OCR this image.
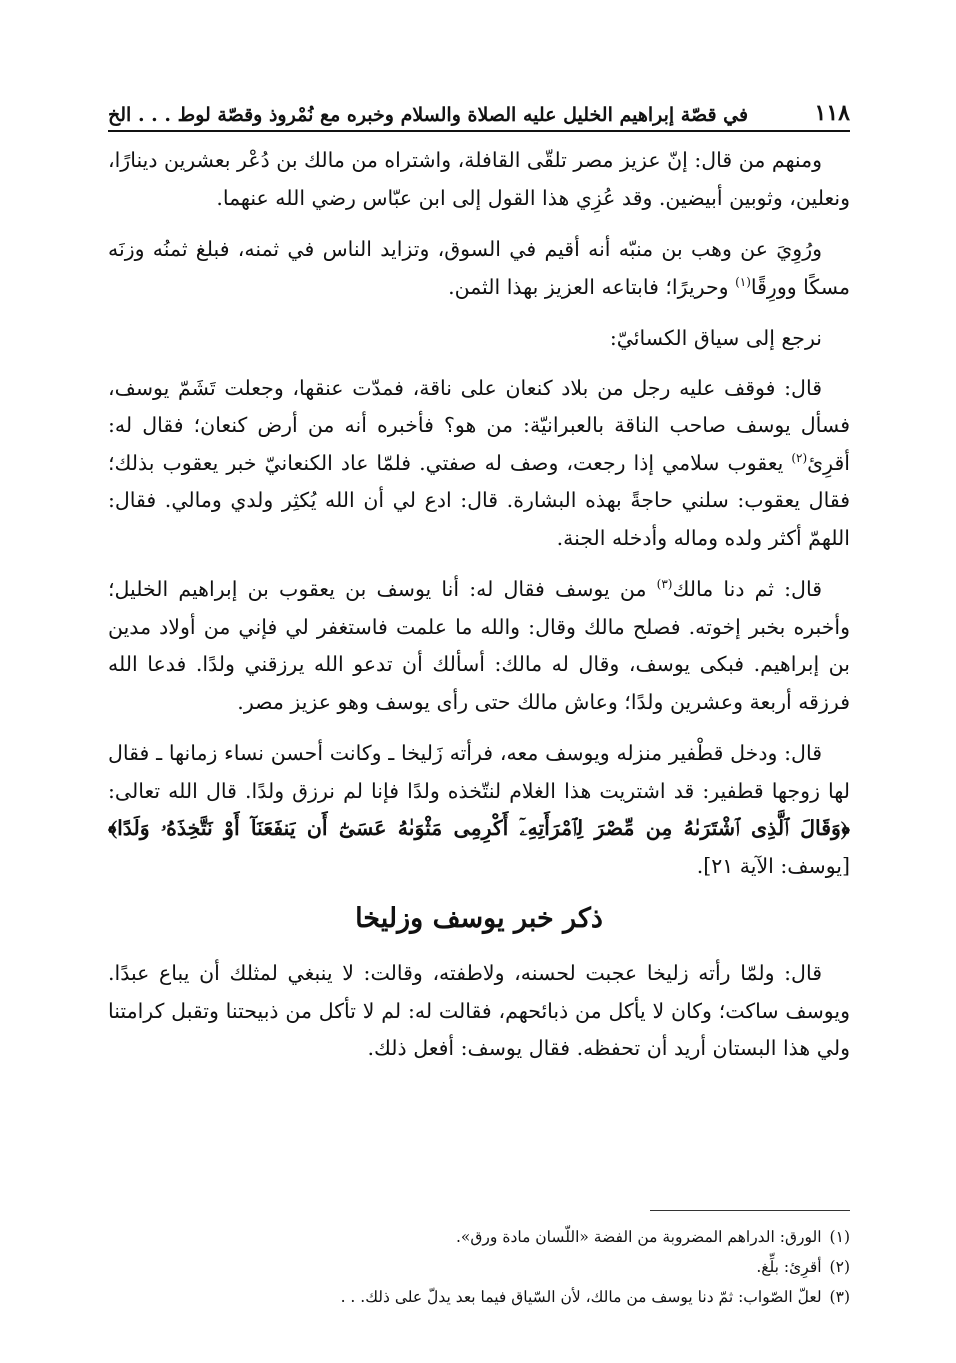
١١٨
في قصّة إبراهيم الخليل عليه الصلاة والسلام وخبره مع نُمْروذ وقصّة لوط . . . الخ

ومنهم من قال: إنّ عزيز مصر تلقّى القافلة، واشتراه من مالك بن دُعْر بعشرين دينارًا، ونعلين، وثوبين أبيضين. وقد عُزِي هذا القول إلى ابن عبّاس رضي الله عنهما.

ورُوِيَ عن وهب بن منبّه أنه أقيم في السوق، وتزايد الناس في ثمنه، فبلغ ثمنُه وزنَه مسكًا وورِقًا$^{(١)}$ وحريرًا؛ فابتاعه العزيز بهذا الثمن.

نرجع إلى سياق الكسائيّ:

قال: فوقف عليه رجل من بلاد كنعان على ناقة، فمدّت عنقها، وجعلت تَشَمّ يوسف، فسأل يوسف صاحب الناقة بالعبرانيّة: من هو؟ فأخبره أنه من أرض كنعان؛ فقال له: أقرِئ$^{(٢)}$ يعقوب سلامي إذا رجعت، وصف له صفتي. فلمّا عاد الكنعانيّ خبر يعقوب بذلك؛ فقال يعقوب: سلني حاجةً بهذه البشارة. قال: ادع لي أن الله يُكثِر ولدي ومالي. فقال: اللهمّ أكثر ولده وماله وأدخله الجنة.

قال: ثم دنا مالك$^{(٣)}$ من يوسف فقال له: أنا يوسف بن يعقوب بن إبراهيم الخليل؛ وأخبره بخبر إخوته. فصلح مالك وقال: والله ما علمت فاستغفر لي فإني من أولاد مدين بن إبراهيم. فبكى يوسف، وقال له مالك: أسألك أن تدعو الله يرزقني ولدًا. فدعا الله فرزقه أربعة وعشرين ولدًا؛ وعاش مالك حتى رأى يوسف وهو عزيز مصر.

قال: ودخل قطْفير منزله ويوسف معه، فرأته زَليخا ـ وكانت أحسن نساء زمانها ـ فقال لها زوجها قطفير: قد اشتريت هذا الغلام لنتّخذه ولدًا فإنا لم نرزق ولدًا. قال الله تعالى: ﴿وَقَالَ ٱلَّذِى ٱشْتَرَىٰهُ مِن مِّصْرَ لِٱمْرَأَتِهِۦٓ أَكْرِمِى مَثْوَىٰهُ عَسَىٰٓ أَن يَنفَعَنَآ أَوْ نَتَّخِذَهُۥ وَلَدًا﴾ [يوسف: الآية ٢١].

ذكر خبر يوسف وزليخا

قال: ولمّا رأته زليخا عجبت لحسنه، ولاطفته، وقالت: لا ينبغي لمثلك أن يباع عبدًا. ويوسف ساكت؛ وكان لا يأكل من ذبائحهم، فقالت له: لم لا تأكل من ذبيحتنا وتقبل كرامتنا ولي هذا البستان أريد أن تحفظه. فقال يوسف: أفعل ذلك.

(١)الورق: الدراهم المضروبة من الفضة «اللّسان مادة ورق».
(٢)أقرِئ: بلِّغ.
(٣)لعلّ الصّواب: ثمّ دنا يوسف من مالك، لأن السّياق فيما بعد يدلّ على ذلك. . .
